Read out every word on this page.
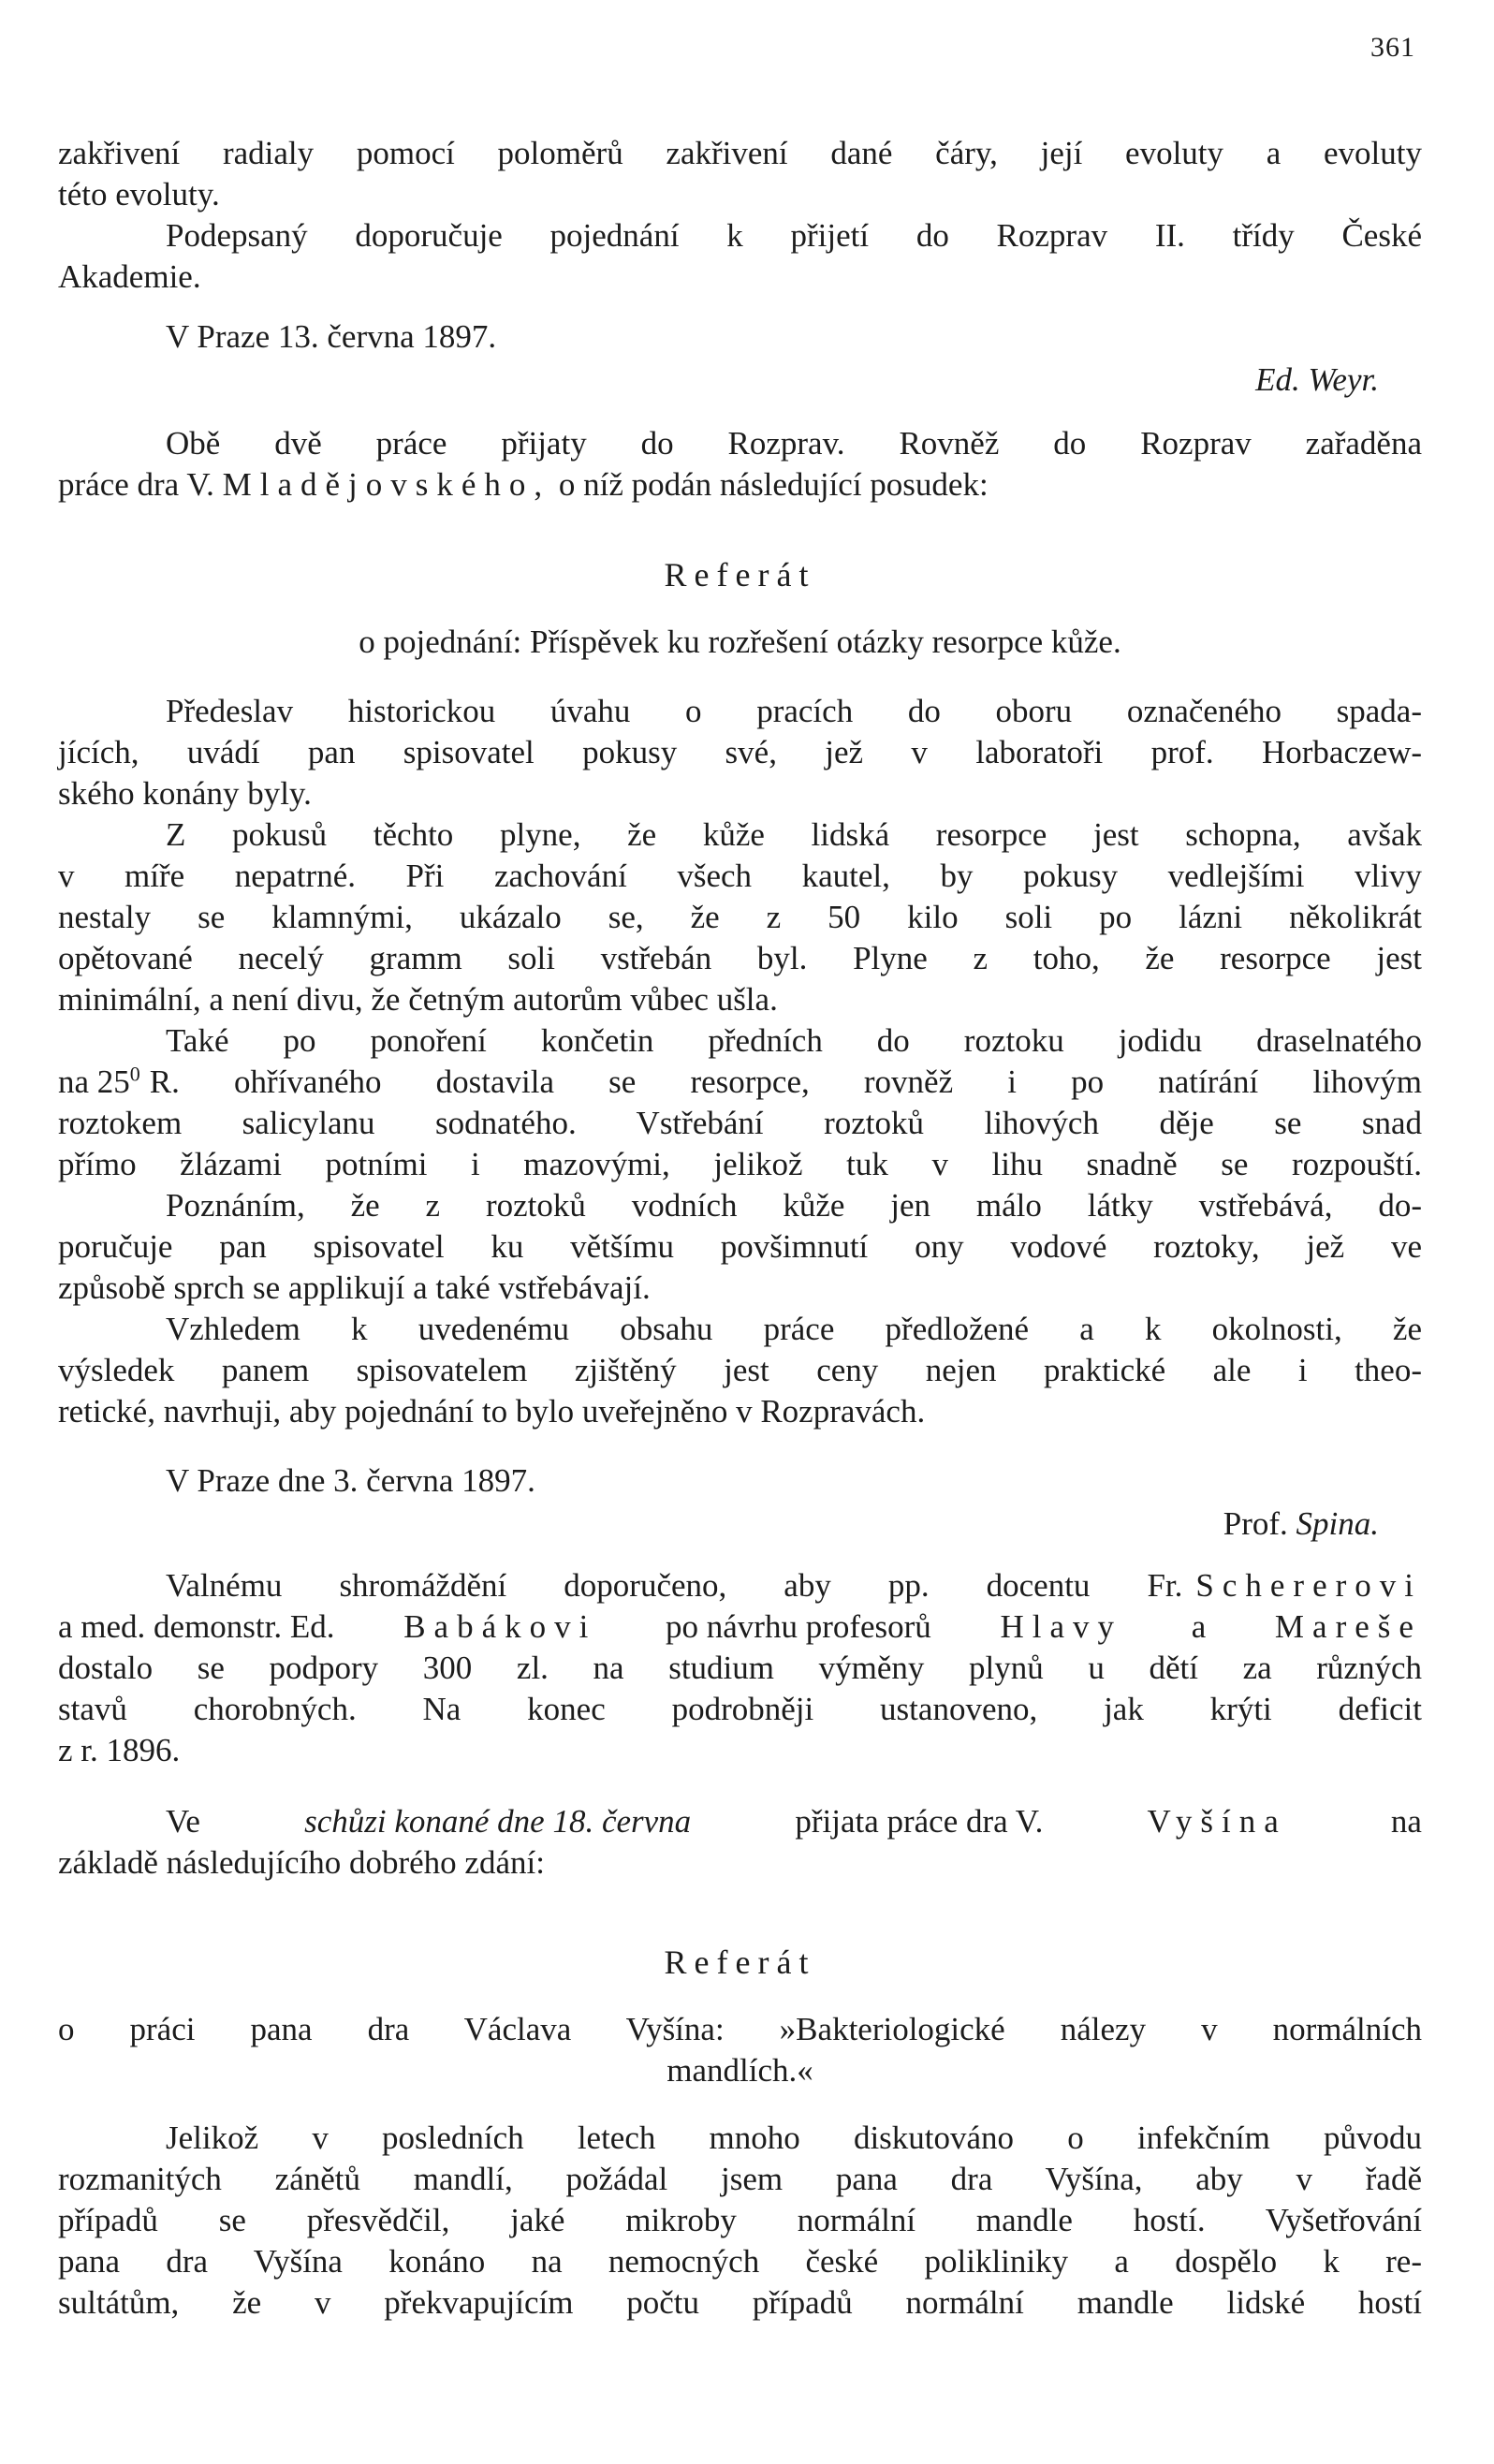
361
zakřivení radialy pomocí poloměrů zakřivení dané čáry, její evoluty a evoluty
této evoluty.
Podepsaný doporučuje pojednání k přijetí do Rozprav II. třídy České
Akademie.
V Praze 13. června 1897.
Ed. Weyr.
Obě dvě práce přijaty do Rozprav. Rovněž do Rozprav zařaděna
práce dra V. Mladějovského, o níž podán následující posudek:
Referát
o pojednání: Příspěvek ku rozřešení otázky resorpce kůže.
Předeslav historickou úvahu o pracích do oboru označeného spada-
jících, uvádí pan spisovatel pokusy své, jež v laboratoři prof. Horbaczew-
ského konány byly.
Z pokusů těchto plyne, že kůže lidská resorpce jest schopna, avšak
v míře nepatrné. Při zachování všech kautel, by pokusy vedlejšími vlivy
nestaly se klamnými, ukázalo se, že z 50 kilo soli po lázni několikrát
opětované necelý gramm soli vstřebán byl. Plyne z toho, že resorpce jest
minimální, a není divu, že četným autorům vůbec ušla.
Také po ponoření končetin předních do roztoku jodidu draselnatého
na $25^0$ R. ohřívaného dostavila se resorpce, rovněž i po natírání lihovým
roztokem salicylanu sodnatého. Vstřebání roztoků lihových děje se snad
přímo žlázami potními i mazovými, jelikož tuk v lihu snadně se rozpouští.
Poznáním, že z roztoků vodních kůže jen málo látky vstřebává, do-
poručuje pan spisovatel ku většímu povšimnutí ony vodové roztoky, jež ve
způsobě sprch se applikují a také vstřebávají.
Vzhledem k uvedenému obsahu práce předložené a k okolnosti, že
výsledek panem spisovatelem zjištěný jest ceny nejen praktické ale i theo-
retické, navrhuji, aby pojednání to bylo uveřejněno v Rozpravách.
V Praze dne 3. června 1897.
Prof. Spina.
Valnému shromáždění doporučeno, aby pp. docentu Fr. Schererovi
a med. demonstr. Ed. Babákovi po návrhu profesorů Hlavy a Mareše
dostalo se podpory 300 zl. na studium výměny plynů u dětí za různých
stavů chorobných. Na konec podrobněji ustanoveno, jak krýti deficit
z r. 1896.
Ve	schůzi konané dne 18. června	přijata práce dra V.	Vyšína	na
základě následujícího dobrého zdání:
Referát
o práci pana dra Václava Vyšína: »Bakteriologické nálezy v normálních
mandlích.«
Jelikož v posledních letech mnoho diskutováno o infekčním původu
rozmanitých zánětů mandlí, požádal jsem pana dra Vyšína, aby v řadě
případů se přesvědčil, jaké mikroby normální mandle hostí. Vyšetřování
pana dra Vyšína konáno na nemocných české polikliniky a dospělo k re-
sultátům, že v překvapujícím počtu případů normální mandle lidské hostí
